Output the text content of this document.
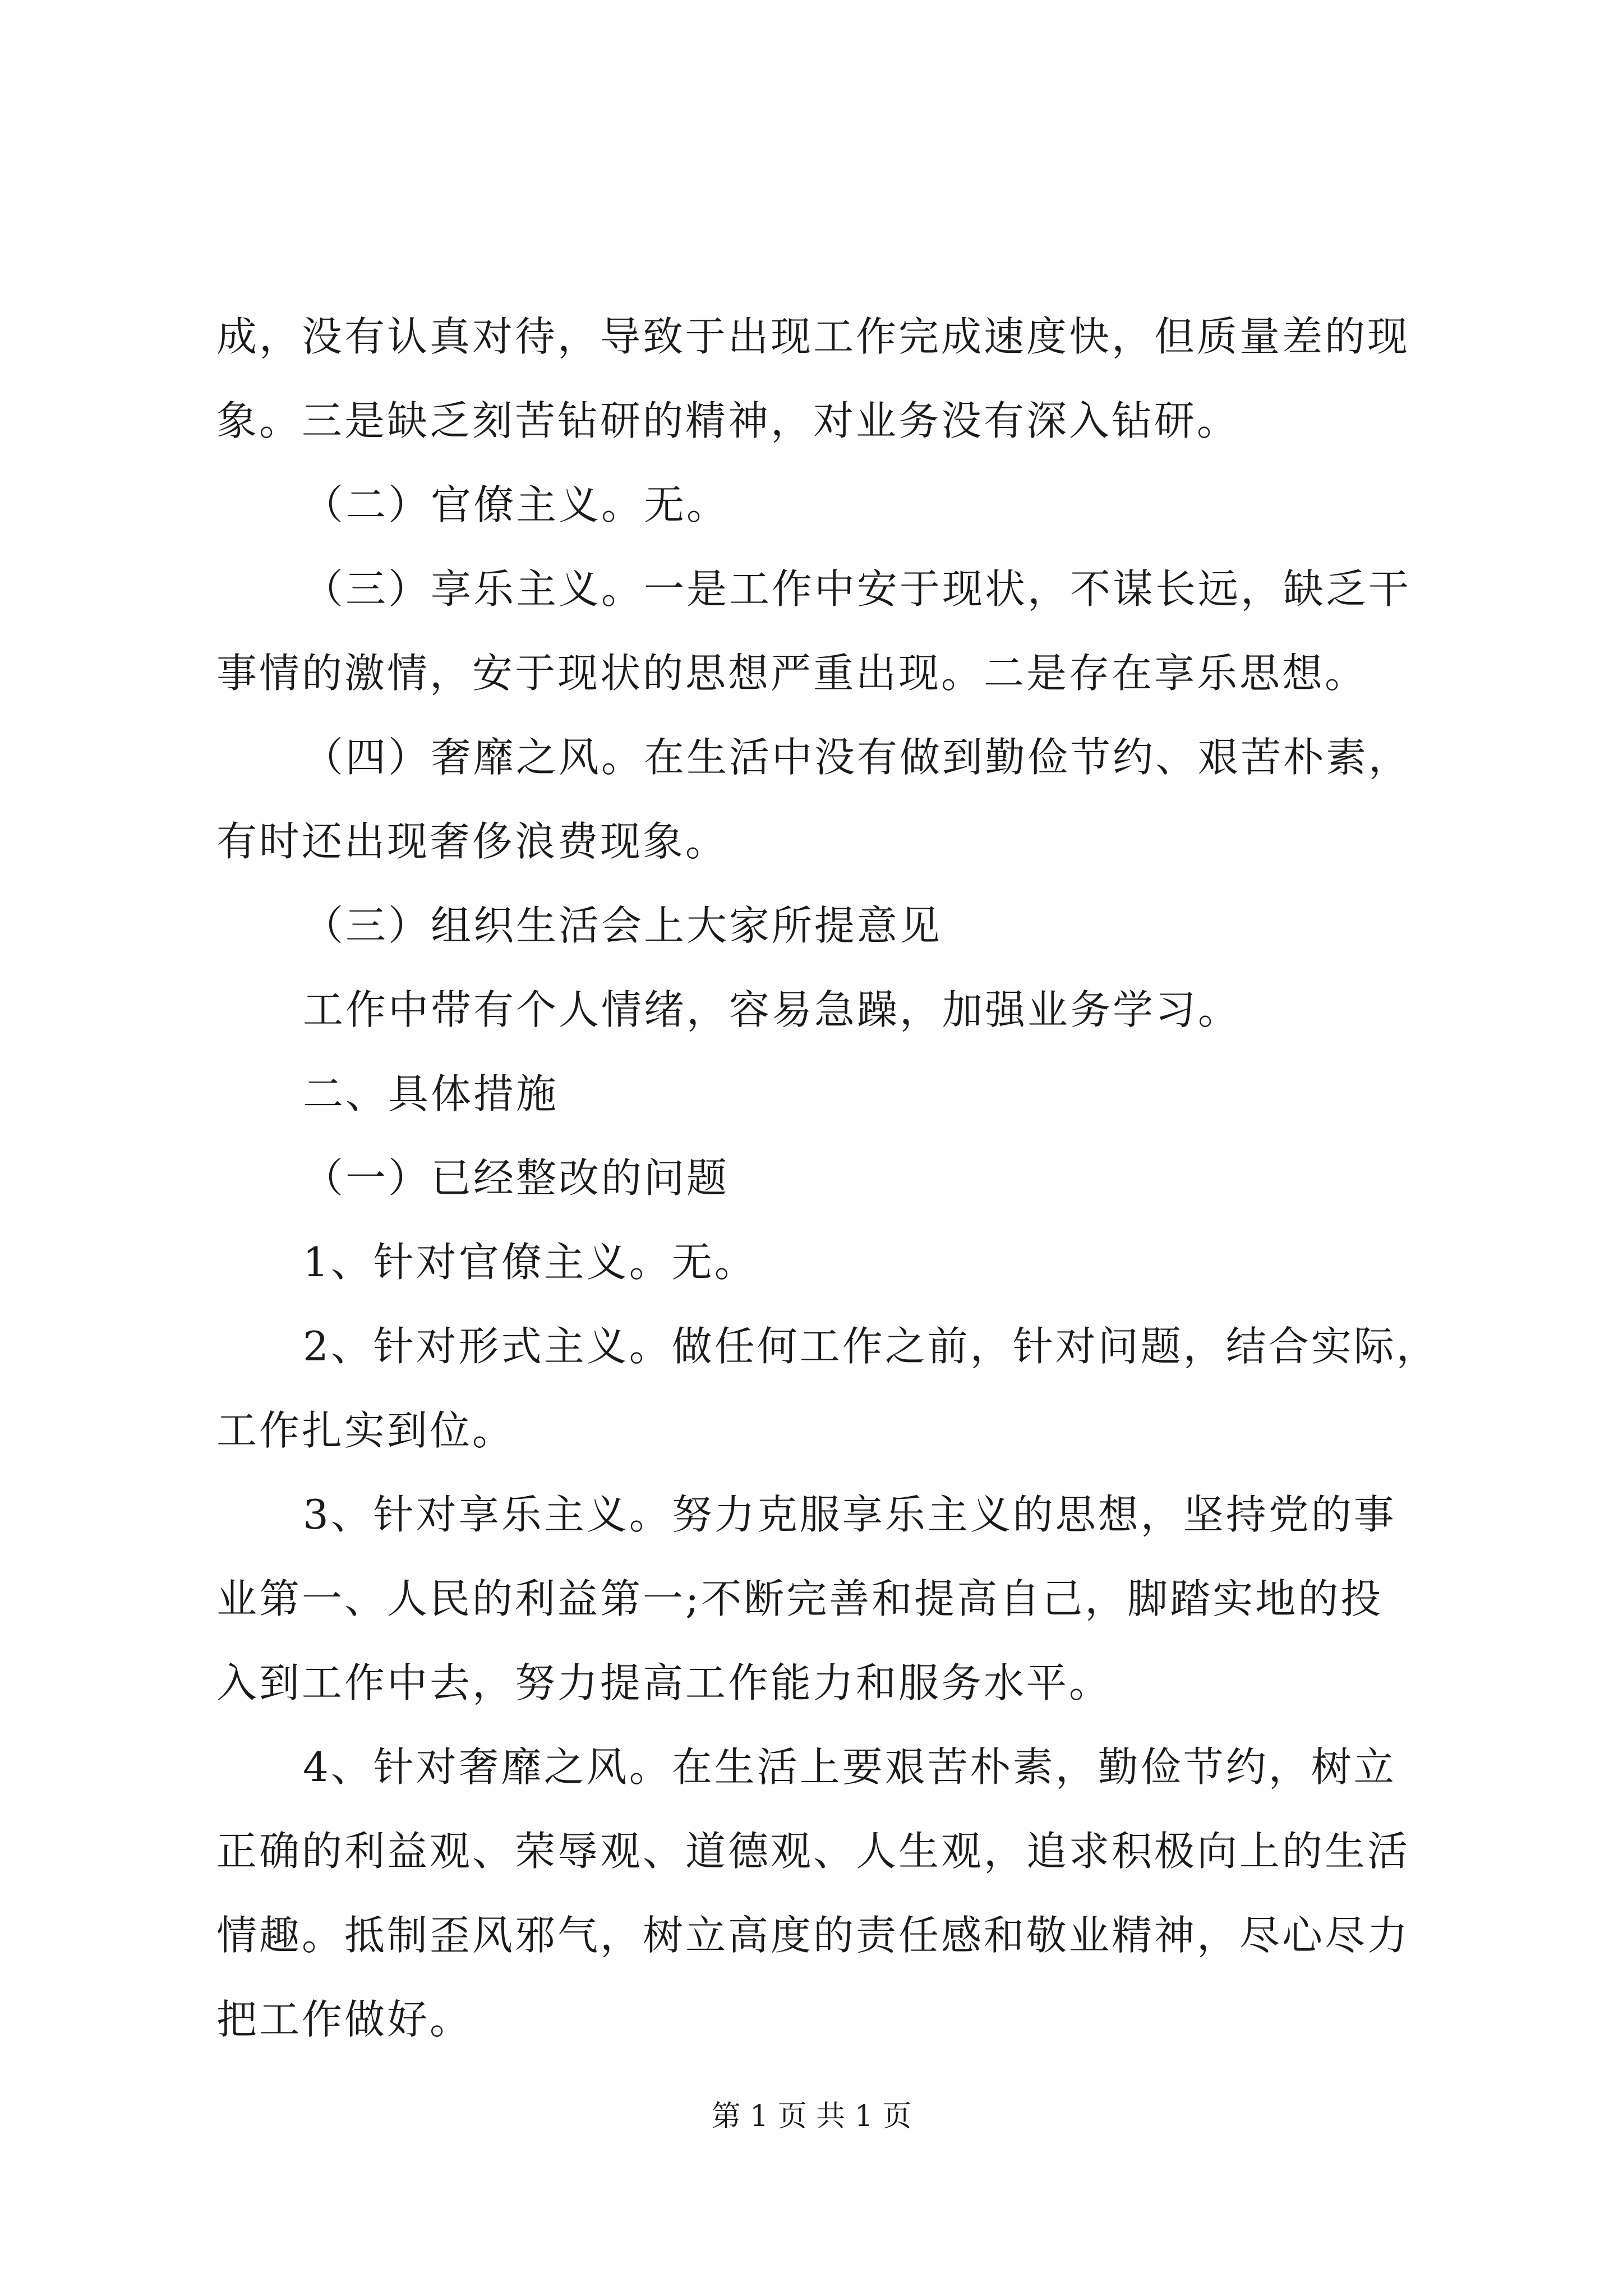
成，没有认真对待，导致于出现工作完成速度快，但质量差的现
象。三是缺乏刻苦钻研的精神，对业务没有深入钻研。
（二）官僚主义。无。
（三）享乐主义。一是工作中安于现状，不谋长远，缺乏干
事情的激情，安于现状的思想严重出现。二是存在享乐思想。
（四）奢靡之风。在生活中没有做到勤俭节约、艰苦朴素，
有时还出现奢侈浪费现象。
（三）组织生活会上大家所提意见
工作中带有个人情绪，容易急躁，加强业务学习。
二、具体措施
（一）已经整改的问题
1、针对官僚主义。无。
2、针对形式主义。做任何工作之前，针对问题，结合实际，
工作扎实到位。
3、针对享乐主义。努力克服享乐主义的思想，坚持党的事
业第一、人民的利益第一;不断完善和提高自己，脚踏实地的投
入到工作中去，努力提高工作能力和服务水平。
4、针对奢靡之风。在生活上要艰苦朴素，勤俭节约，树立
正确的利益观、荣辱观、道德观、人生观，追求积极向上的生活
情趣。抵制歪风邪气，树立高度的责任感和敬业精神，尽心尽力
把工作做好。
第 1 页 共 1 页
